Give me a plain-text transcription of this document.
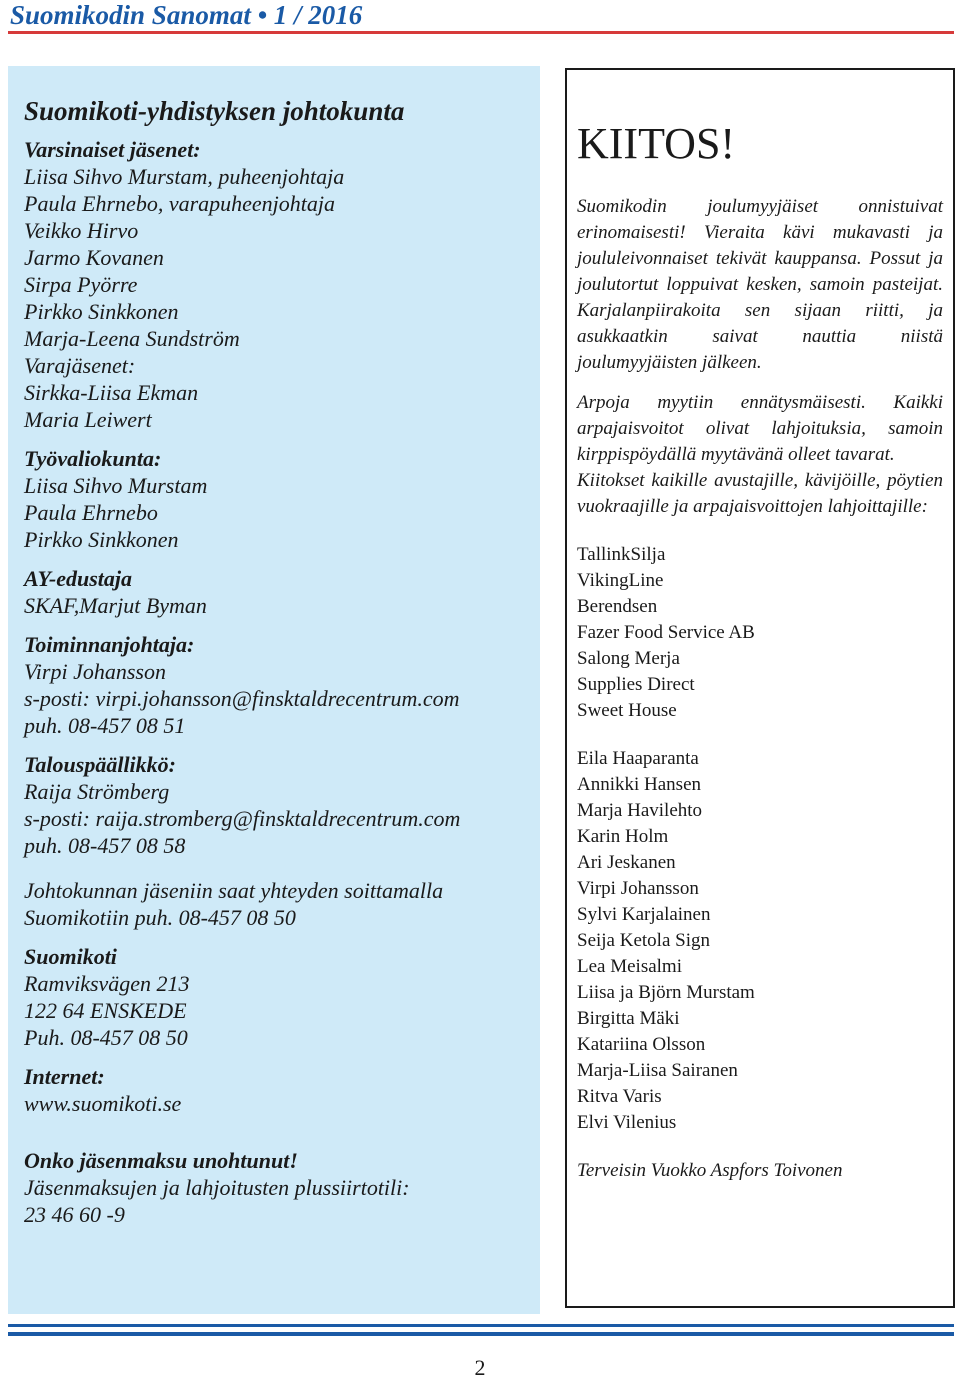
Suomikodin Sanomat • 1 / 2016

Suomikoti-yhdistyksen johtokunta

Varsinaiset jäsenet:

Liisa Sihvo Murstam, puheenjohtaja

Paula Ehrnebo, varapuheenjohtaja

Veikko Hirvo

Jarmo Kovanen

Sirpa Pyörre

Pirkko Sinkkonen

Marja-Leena Sundström

Varajäsenet:

Sirkka-Liisa Ekman

Maria Leiwert

Työvaliokunta:

Liisa Sihvo Murstam

Paula Ehrnebo

Pirkko Sinkkonen

AY-edustaja

SKAF,Marjut Byman

Toiminnanjohtaja:

Virpi Johansson

s-posti: virpi.johansson@finsktaldrecentrum.com

puh. 08-457 08 51

Talouspäällikkö:

Raija Strömberg

s-posti: raija.stromberg@finsktaldrecentrum.com

puh. 08-457 08 58

Johtokunnan jäseniin saat yhteyden soittamalla

Suomikotiin puh. 08-457 08 50

Suomikoti

Ramviksvägen 213

122 64 ENSKEDE

Puh. 08-457 08 50

Internet:

www.suomikoti.se

Onko jäsenmaksu unohtunut!

Jäsenmaksujen ja lahjoitusten plussiirtotili:

23 46 60 -9

KIITOS!

Suomikodin joulumyyjäiset onnistuivat erinomaisesti! Vieraita kävi mukavasti ja joululeivonnaiset tekivät kauppansa. Possut ja joulutortut loppuivat kesken, samoin pasteijat. Karjalanpiirakoita sen sijaan riitti, ja asukkaatkin saivat nauttia niistä joulumyyjäisten jälkeen.

Arpoja myytiin ennätysmäisesti. Kaikki arpajaisvoitot olivat lahjoituksia, samoin kirppispöydällä myytävänä olleet tavarat.

Kiitokset kaikille avustajille, kävijöille, pöytien vuokraajille ja arpajaisvoittojen lahjoittajille:

TallinkSilja

VikingLine

Berendsen

Fazer Food Service AB

Salong Merja

Supplies Direct

Sweet House

Eila Haaparanta

Annikki Hansen

Marja Havilehto

Karin Holm

Ari Jeskanen

Virpi Johansson

Sylvi Karjalainen

Seija Ketola Sign

Lea Meisalmi

Liisa ja Björn Murstam

Birgitta Mäki

Katariina Olsson

Marja-Liisa Sairanen

Ritva Varis

Elvi Vilenius

Terveisin Vuokko Aspfors Toivonen

2
